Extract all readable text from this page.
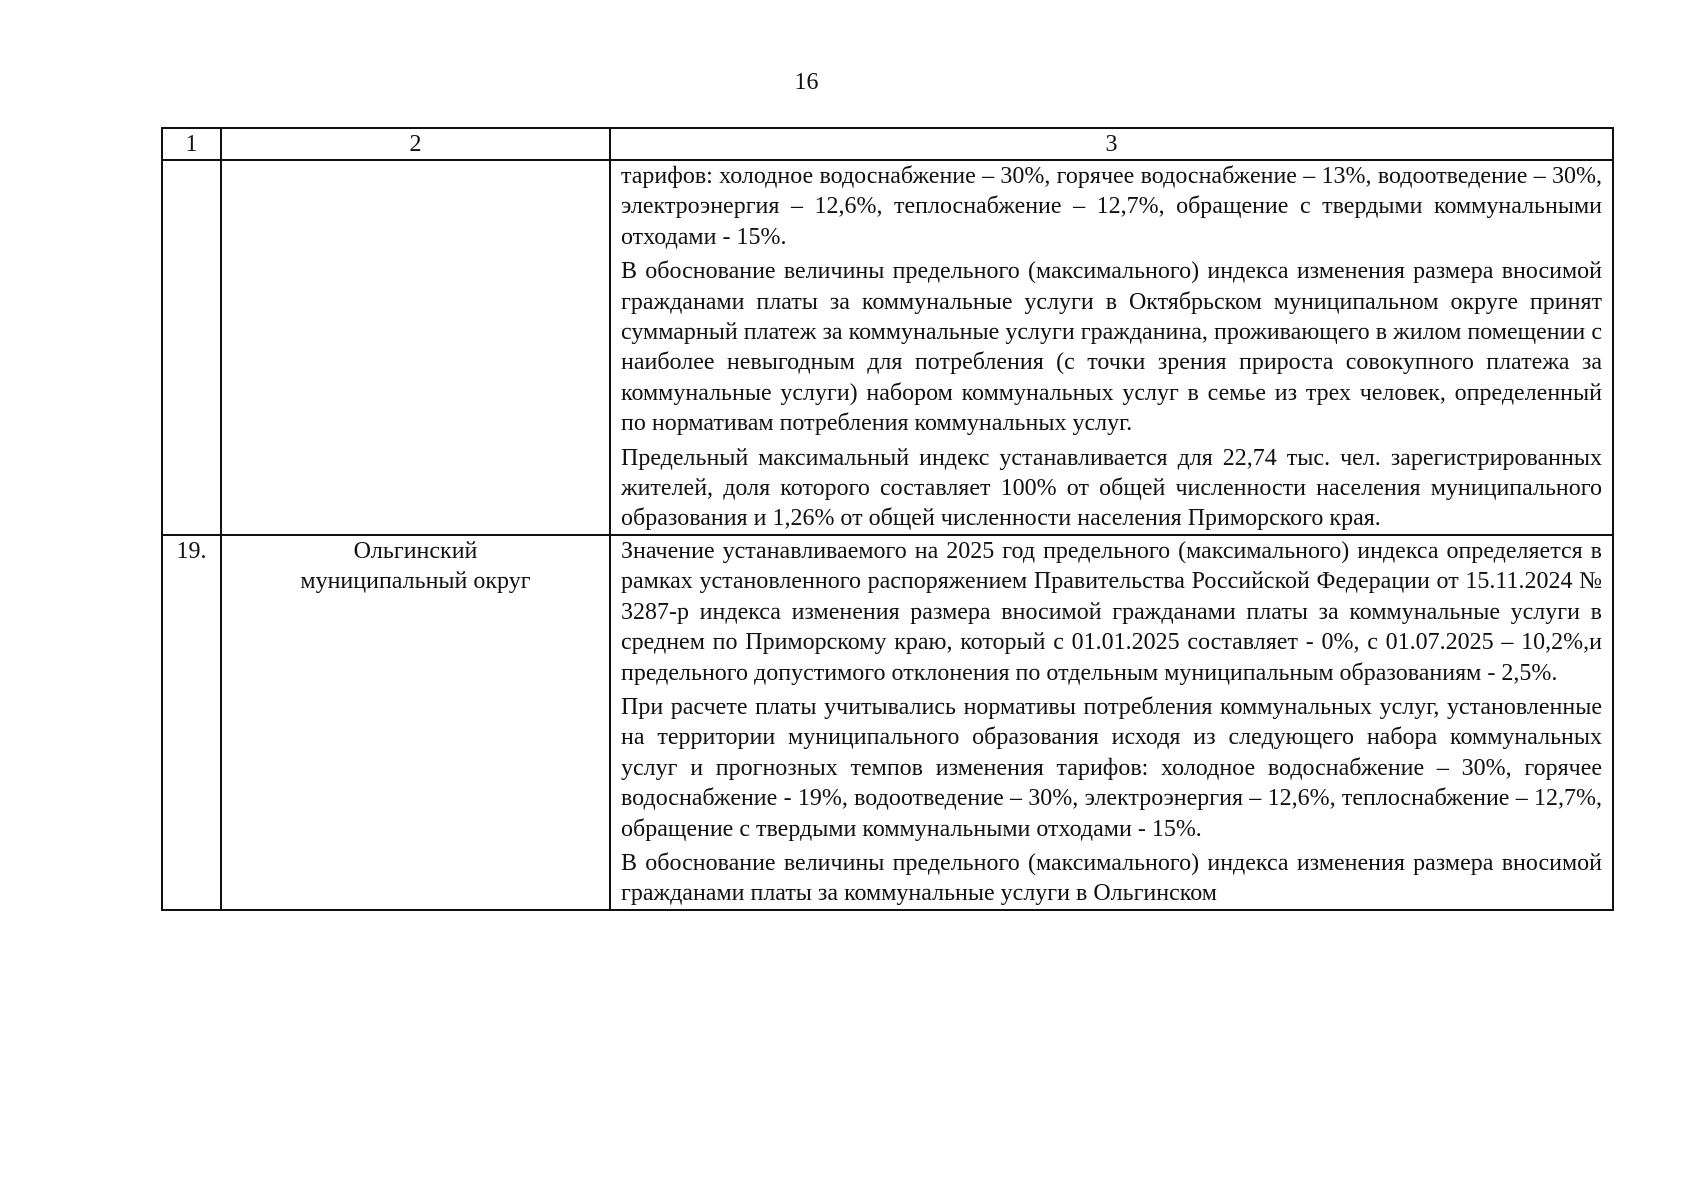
16
1	2	3

		тарифов: холодное водоснабжение – 30%, горячее водоснабжение – 13%, водоотведение – 30%, электроэнергия – 12,6%, теплоснабжение – 12,7%, обращение с твердыми коммунальными отходами - 15%.
В обоснование величины предельного (максимального) индекса изменения размера вносимой гражданами платы за коммунальные услуги в Октябрьском муниципальном округе принят суммарный платеж за коммунальные услуги гражданина, проживающего в жилом помещении с наиболее невыгодным для потребления (с точки зрения прироста совокупного платежа за коммунальные услуги) набором коммунальных услуг в семье из трех человек, определенный по нормативам потребления коммунальных услуг.
Предельный максимальный индекс устанавливается для 22,74 тыс. чел. зарегистрированных жителей, доля которого составляет 100% от общей численности населения муниципального образования и 1,26% от общей численности населения Приморского края.

19.	Ольгинский
муниципальный округ	Значение устанавливаемого на 2025 год предельного (максимального) индекса определяется в рамках установленного распоряжением Правительства Российской Федерации от 15.11.2024 № 3287-р индекса изменения размера вносимой гражданами платы за коммунальные услуги в среднем по Приморскому краю, который с 01.01.2025 составляет - 0%, с 01.07.2025 – 10,2%,и предельного допустимого отклонения по отдельным муниципальным образованиям - 2,5%.
При расчете платы учитывались нормативы потребления коммунальных услуг, установленные на территории муниципального образования исходя из следующего набора коммунальных услуг и прогнозных темпов изменения тарифов: холодное водоснабжение – 30%, горячее водоснабжение - 19%, водоотведение – 30%, электроэнергия – 12,6%, теплоснабжение – 12,7%, обращение с твердыми коммунальными отходами - 15%.
В обоснование величины предельного (максимального) индекса изменения размера вносимой гражданами платы за коммунальные услуги в Ольгинском
